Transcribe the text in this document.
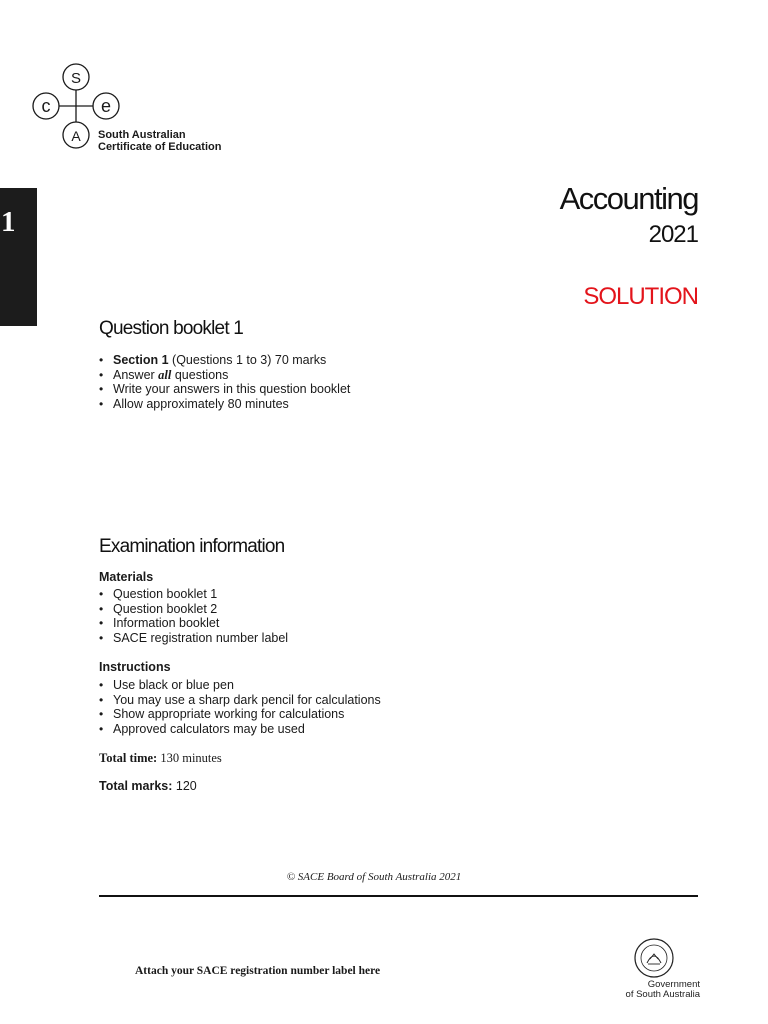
S
c	e
A South Australian
Certificate of Education
1
Accounting
2021
SOLUTION
Question booklet 1
• Section 1 (Questions 1 to 3) 70 marks
• Answer all questions
• Write your answers in this question booklet
• Allow approximately 80 minutes
Examination information
Materials
• Question booklet 1
• Question booklet 2
• Information booklet
• SACE registration number label
Instructions
• Use black or blue pen
• You may use a sharp dark pencil for calculations
• Show appropriate working for calculations
• Approved calculators may be used
Total time: 130 minutes
Total marks: 120
© SACE Board of South Australia 2021
Attach your SACE registration number label here
Government
of South Australia
